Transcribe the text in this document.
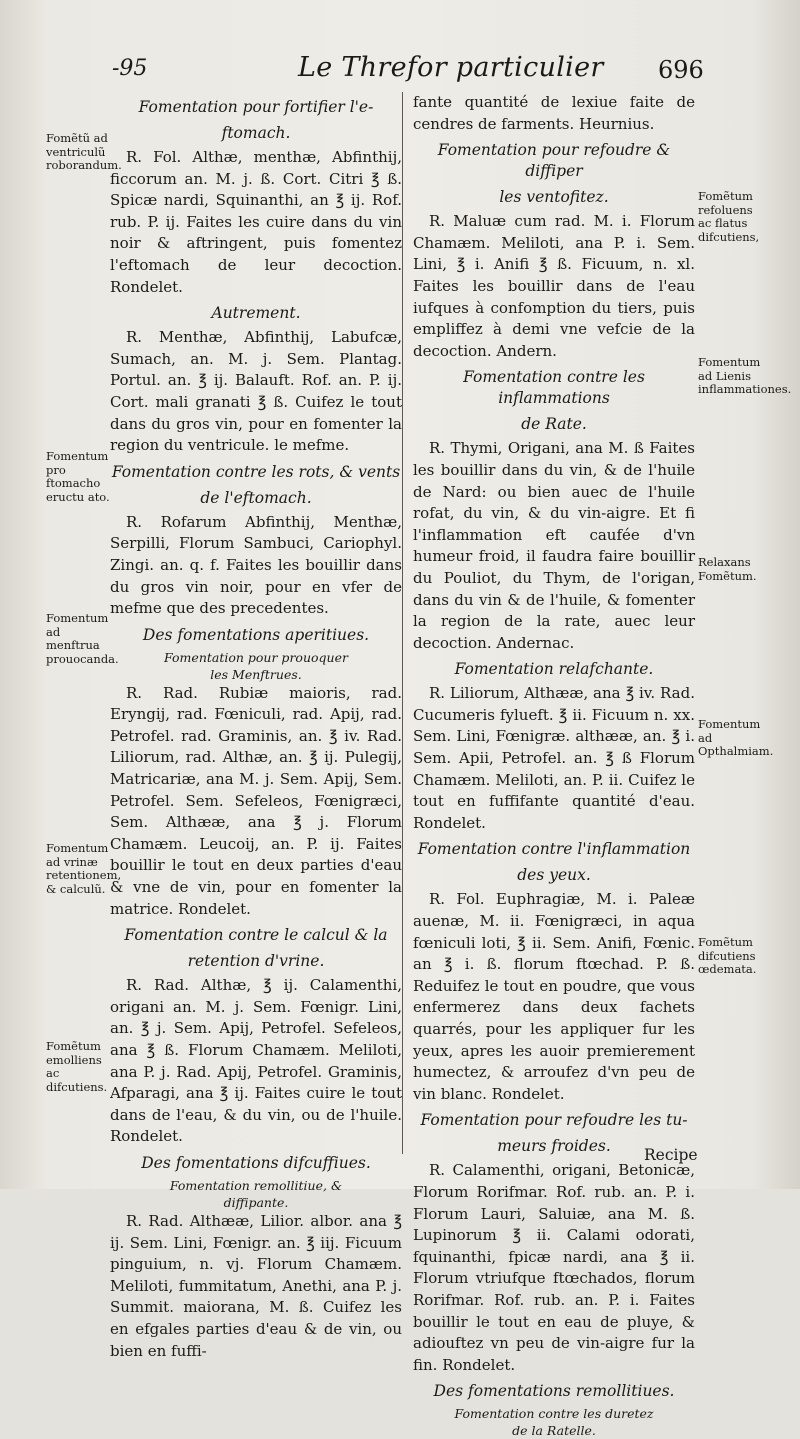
-95	Le Threfor particulier 696
Fomentation pour fortifier l'e-
ftomach.
R. Fol. Althæ, menthæ, Abfinthij, ficcorum an. M. j. ß. Cort. Citri ℥ ß. Spicæ nardi, Squinanthi, an ℥ ij. Rof. rub. P. ij. Faites les cuire dans du vin noir & aftringent, puis fomentez l'eftomach de leur decoction. Rondelet.
Autrement.
R. Menthæ, Abfinthij, Labufcæ, Sumach, an. M. j. Sem. Plantag. Portul. an. ℥ ij. Balauft. Rof. an. P. ij. Cort. mali granati ℥ ß. Cuifez le tout dans du gros vin, pour en fomenter la region du ventricule. le mefme.
Fomentation contre les rots, & vents
de l'eftomach.
R. Rofarum Abfinthij, Menthæ, Serpilli, Florum Sambuci, Cariophyl. Zingi. an. q. f. Faites les bouillir dans du gros vin noir, pour en vfer de mefme que des precedentes.
Des fomentations aperitiues.
Fomentation pour prouoquer
les Menftrues.
R. Rad. Rubiæ maioris, rad. Eryngij, rad. Fœniculi, rad. Apij, rad. Petrofel. rad. Graminis, an. ℥ iv. Rad. Liliorum, rad. Althæ, an. ℥ ij. Pulegij, Matricariæ, ana M. j. Sem. Apij, Sem. Petrofel. Sem. Sefeleos, Fœnigræci, Sem. Althææ, ana ℥ j. Florum Chamæm. Leucoij, an. P. ij. Faites bouillir le tout en deux parties d'eau & vne de vin, pour en fomenter la matrice. Rondelet.
Fomentation contre le calcul & la
retention d'vrine.
R. Rad. Althæ, ℥ ij. Calamenthi, origani an. M. j. Sem. Fœnigr. Lini, an. ℥ j. Sem. Apij, Petrofel. Sefeleos, ana ℥ ß. Florum Chamæm. Meliloti, ana P. j. Rad. Apij, Petrofel. Graminis, Afparagi, ana ℥ ij. Faites cuire le tout dans de l'eau, & du vin, ou de l'huile. Rondelet.
Des fomentations difcuffiues.
Fomentation remollitiue, &
diffipante.
R. Rad. Althææ, Lilior. albor. ana ℥ ij. Sem. Lini, Fœnigr. an. ℥ iij. Ficuum pinguium, n. vj. Florum Chamæm. Meliloti, fummitatum, Anethi, ana P. j. Summit. maiorana, M. ß. Cuifez les en efgales parties d'eau & de vin, ou bien en fuffi-
fante quantité de lexiue faite de cendres de farments. Heurnius.
Fomentation pour refoudre & diffiper
les ventofitez.
R. Maluæ cum rad. M. i. Florum Chamæm. Meliloti, ana P. i. Sem. Lini, ℥ i. Anifi ℥ ß. Ficuum, n. xl. Faites les bouillir dans de l'eau iufques à confomption du tiers, puis empliffez à demi vne vefcie de la decoction. Andern.
Fomentation contre les inflammations
de Rate.
R. Thymi, Origani, ana M. ß Faites les bouillir dans du vin, & de l'huile de Nard: ou bien auec de l'huile rofat, du vin, & du vin-aigre. Et fi l'inflammation eft caufée d'vn humeur froid, il faudra faire bouillir du Pouliot, du Thym, de l'origan, dans du vin & de l'huile, & fomenter la region de la rate, auec leur decoction. Andernac.
Fomentation relafchante.
R. Liliorum, Althææ, ana ℥ iv. Rad. Cucumeris fylueft. ℥ ii. Ficuum n. xx. Sem. Lini, Fœnigræ. althææ, an. ℥ i. Sem. Apii, Petrofel. an. ℥ ß Florum Chamæm. Meliloti, an. P. ii. Cuifez le tout en fuffifante quantité d'eau. Rondelet.
Fomentation contre l'inflammation
des yeux.
R. Fol. Euphragiæ, M. i. Paleæ auenæ, M. ii. Fœnigræci, in aqua fœniculi loti, ℥ ii. Sem. Anifi, Fœnic. an ℥ i. ß. florum ftœchad. P. ß. Reduifez le tout en poudre, que vous enfermerez dans deux fachets quarrés, pour les appliquer fur les yeux, apres les auoir premierement humectez, & arroufez d'vn peu de vin blanc. Rondelet.
Fomentation pour refoudre les tu-
meurs froides.
R. Calamenthi, origani, Betonicæ, Florum Rorifmar. Rof. rub. an. P. i. Florum Lauri, Saluiæ, ana M. ß. Lupinorum ℥ ii. Calami odorati, fquinanthi, fpicæ nardi, ana ℥ ii. Florum vtriufque ftœchados, florum Rorifmar. Rof. rub. an. P. i. Faites bouillir le tout en eau de pluye, & adiouftez vn peu de vin-aigre fur la fin. Rondelet.
Des fomentations remollitiues.
Fomentation contre les duretez
de la Ratelle.
Fomẽtũ ad ventriculũ roborandum.
Fomentum pro ftomacho eructu ato.
Fomentum ad menftrua prouocanda.
Fomentum ad vrinæ retentionem, & calculũ.
Fomẽtum emolliens ac difcutiens.
Fomẽtum refoluens ac flatus difcutiens,
Fomentum ad Lienis inflammationes.
Relaxans Fomẽtum.
Fomentum ad Opthalmiam.
Fomẽtum difcutiens œdemata.
Recipe
